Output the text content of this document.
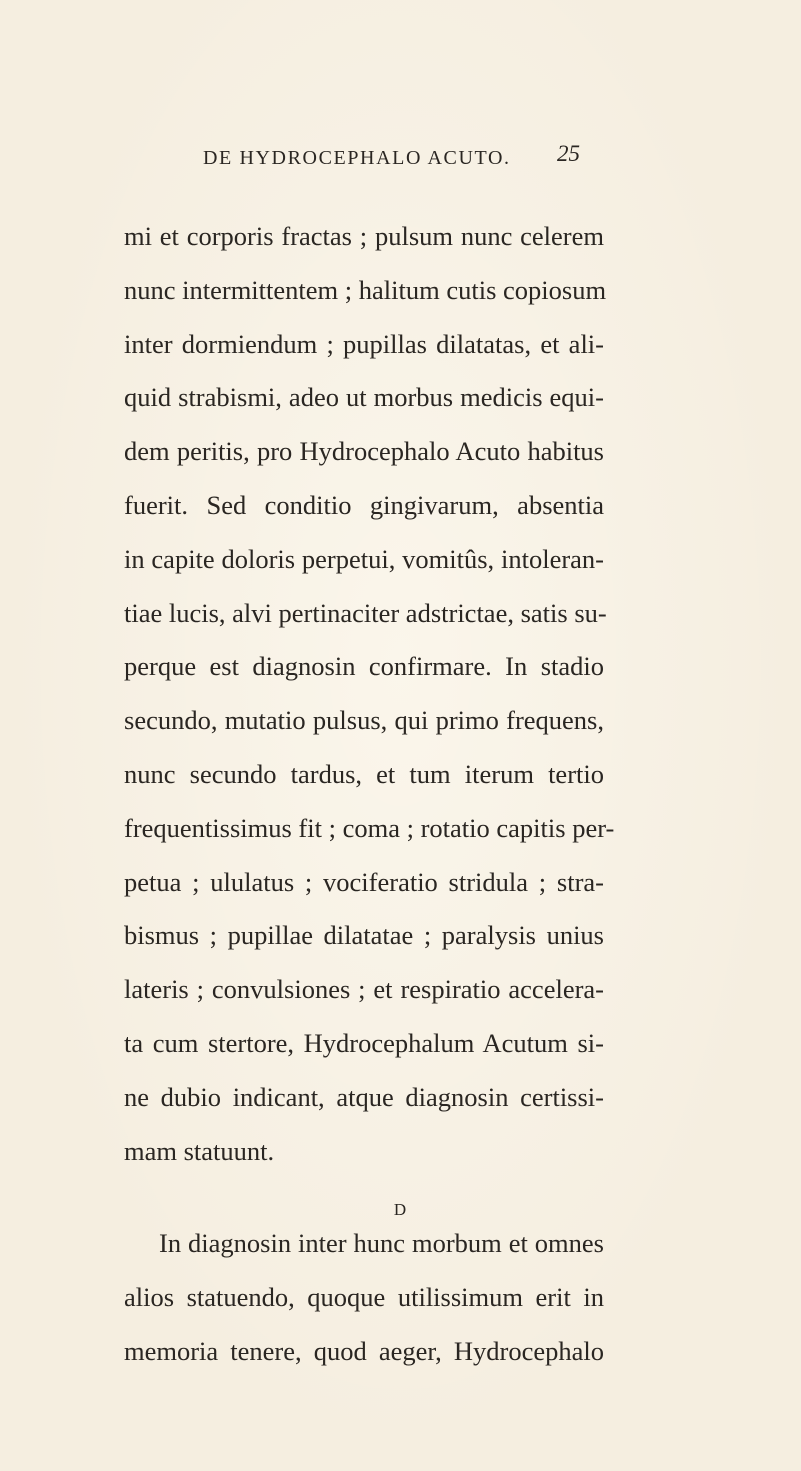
DE HYDROCEPHALO ACUTO. 25
mi et corporis fractas ; pulsum nunc celerem
nunc intermittentem ; halitum cutis copiosum
inter dormiendum ; pupillas dilatatas, et ali-
quid strabismi, adeo ut morbus medicis equi-
dem peritis, pro Hydrocephalo Acuto habitus
fuerit. Sed conditio gingivarum, absentia
in capite doloris perpetui, vomitûs, intoleran-
tiae lucis, alvi pertinaciter adstrictae, satis su-
perque est diagnosin confirmare. In stadio
secundo, mutatio pulsus, qui primo frequens,
nunc secundo tardus, et tum iterum tertio
frequentissimus fit ; coma ; rotatio capitis per-
petua ; ululatus ; vociferatio stridula ; stra-
bismus ; pupillae dilatatae ; paralysis unius
lateris ; convulsiones ; et respiratio accelera-
ta cum stertore, Hydrocephalum Acutum si-
ne dubio indicant, atque diagnosin certissi-
mam statuunt.
In diagnosin inter hunc morbum et omnes
alios statuendo, quoque utilissimum erit in
memoria tenere, quod aeger, Hydrocephalo
D
